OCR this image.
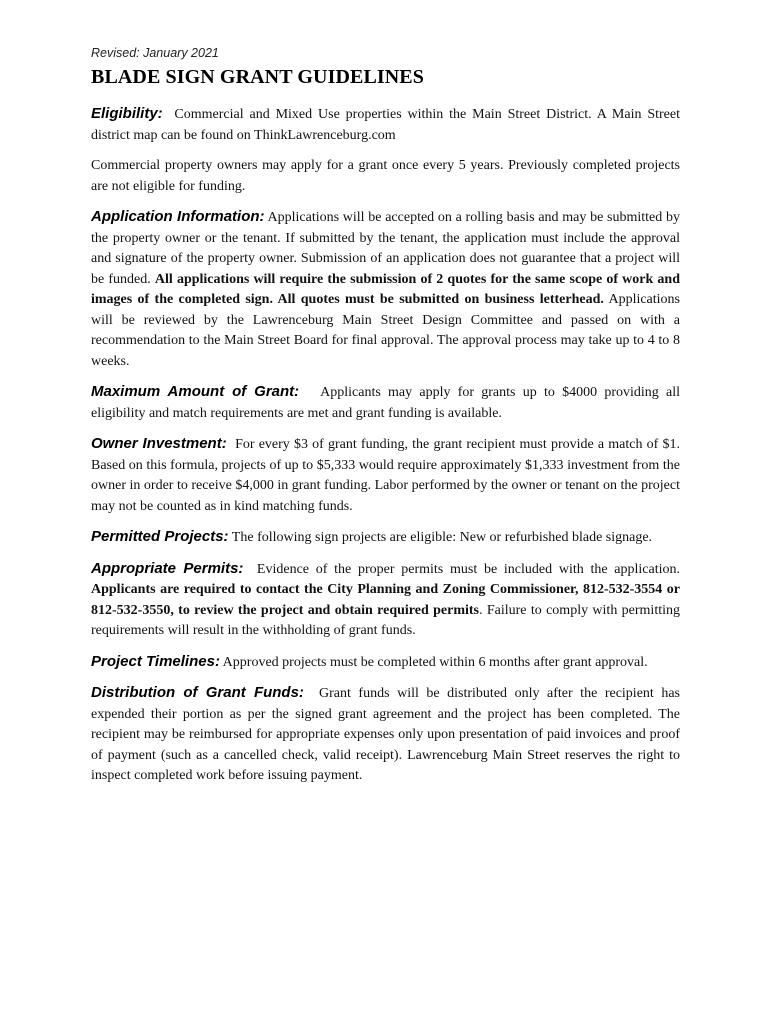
Revised: January 2021
BLADE SIGN GRANT GUIDELINES

Eligibility: Commercial and Mixed Use properties within the Main Street District. A Main Street district map can be found on ThinkLawrenceburg.com

Commercial property owners may apply for a grant once every 5 years. Previously completed projects are not eligible for funding.

Application Information: Applications will be accepted on a rolling basis and may be submitted by the property owner or the tenant. If submitted by the tenant, the application must include the approval and signature of the property owner. Submission of an application does not guarantee that a project will be funded. All applications will require the submission of 2 quotes for the same scope of work and images of the completed sign. All quotes must be submitted on business letterhead. Applications will be reviewed by the Lawrenceburg Main Street Design Committee and passed on with a recommendation to the Main Street Board for final approval. The approval process may take up to 4 to 8 weeks.

Maximum Amount of Grant: Applicants may apply for grants up to $4000 providing all eligibility and match requirements are met and grant funding is available.

Owner Investment: For every $3 of grant funding, the grant recipient must provide a match of $1. Based on this formula, projects of up to $5,333 would require approximately $1,333 investment from the owner in order to receive $4,000 in grant funding. Labor performed by the owner or tenant on the project may not be counted as in kind matching funds.

Permitted Projects: The following sign projects are eligible: New or refurbished blade signage.

Appropriate Permits: Evidence of the proper permits must be included with the application. Applicants are required to contact the City Planning and Zoning Commissioner, 812-532-3554 or 812-532-3550, to review the project and obtain required permits. Failure to comply with permitting requirements will result in the withholding of grant funds.

Project Timelines: Approved projects must be completed within 6 months after grant approval.

Distribution of Grant Funds: Grant funds will be distributed only after the recipient has expended their portion as per the signed grant agreement and the project has been completed. The recipient may be reimbursed for appropriate expenses only upon presentation of paid invoices and proof of payment (such as a cancelled check, valid receipt). Lawrenceburg Main Street reserves the right to inspect completed work before issuing payment.
